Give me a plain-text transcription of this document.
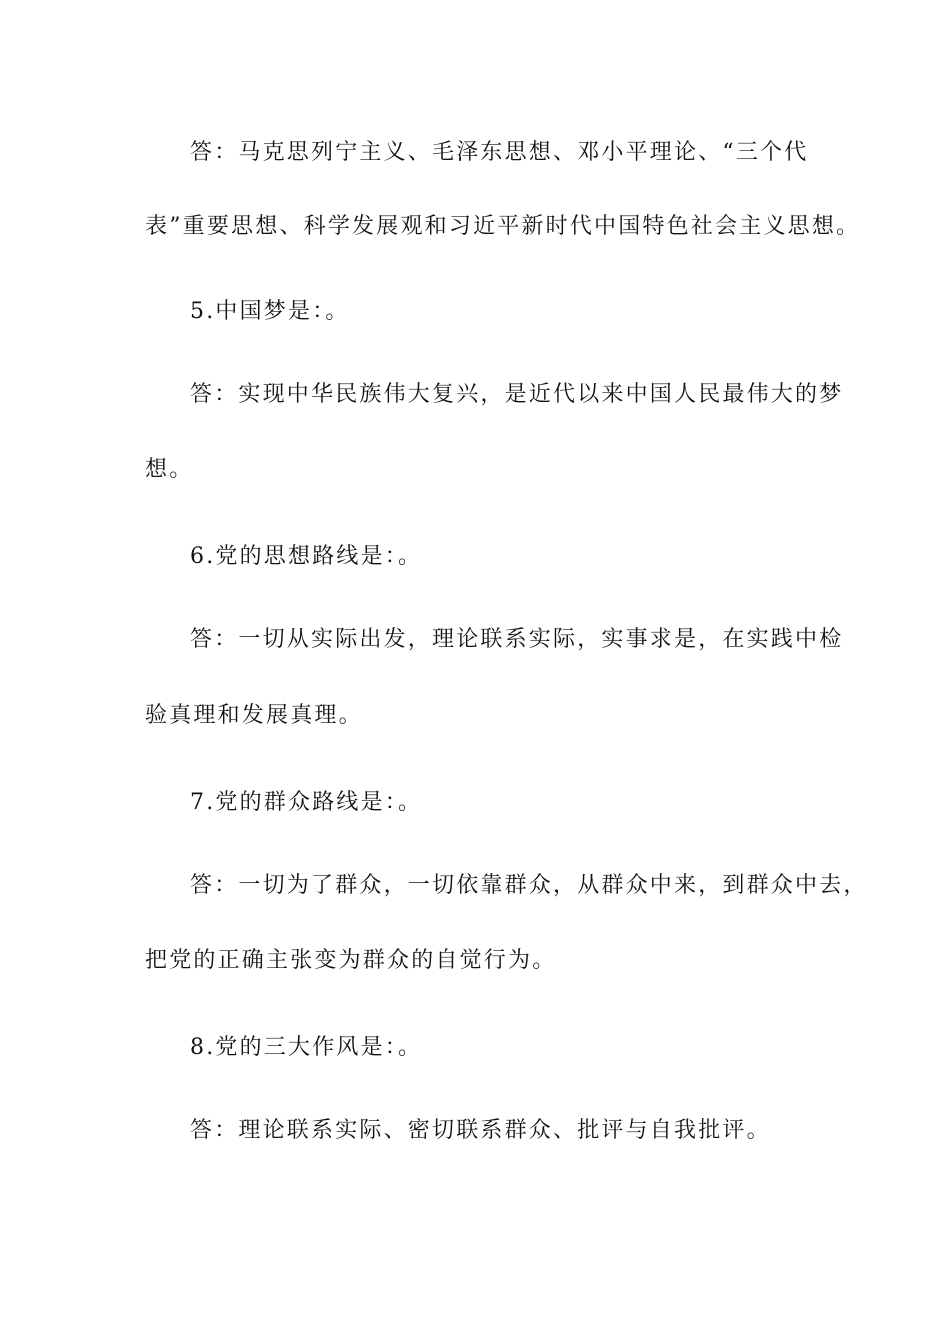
答：马克思列宁主义、毛泽东思想、邓小平理论、“三个代
表”重要思想、科学发展观和习近平新时代中国特色社会主义思想。
5.中国梦是：。
答：实现中华民族伟大复兴，是近代以来中国人民最伟大的梦
想。
6.党的思想路线是：。
答：一切从实际出发，理论联系实际，实事求是，在实践中检
验真理和发展真理。
7.党的群众路线是：。
答：一切为了群众，一切依靠群众，从群众中来，到群众中去，
把党的正确主张变为群众的自觉行为。
8.党的三大作风是：。
答：理论联系实际、密切联系群众、批评与自我批评。
